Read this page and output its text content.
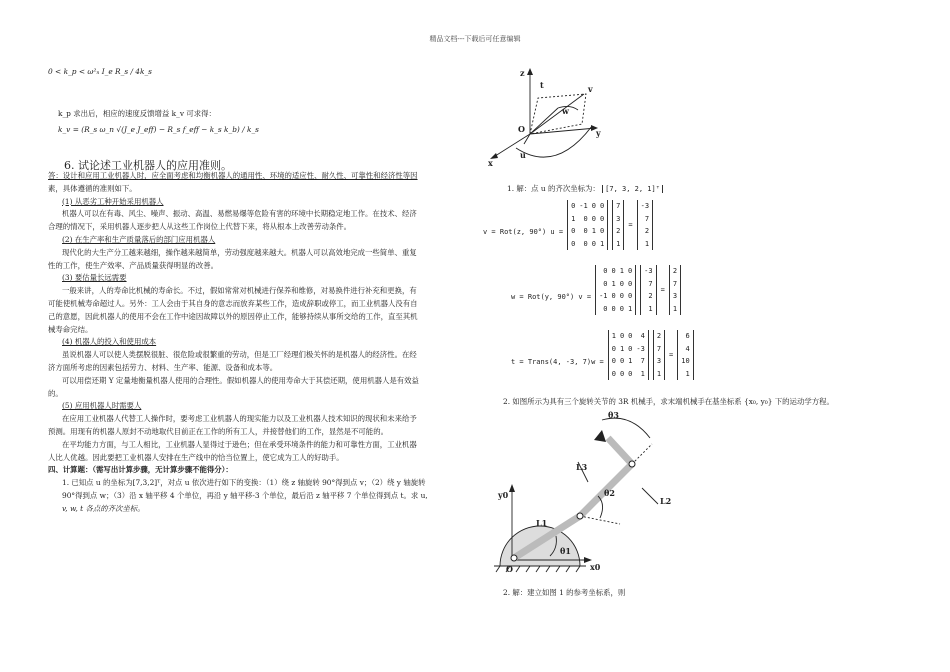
精品文档---下载后可任意编辑
0 < k_p < ω²ₙ I_e R_s / 4k_s
k_p 求出后，相应的速度反馈增益 k_v 可求得：
k_v = (R_s ω_n √(J_e J_eff) − R_s f_eff − k_s k_b) / k_s
6. 试论述工业机器人的应用准则。
答：设计和应用工业机器人时，应全面考虑和均衡机器人的通用性、环境的适应性、耐久性、可靠性和经济性等因
素，具体遵循的准则如下。
(1) 从恶劣工种开始采用机器人
机器人可以在有毒、风尘、噪声、振动、高温、易燃易爆等危险有害的环境中长期稳定地工作。在技术、经济
合理的情况下，采用机器人逐步把人从这些工作岗位上代替下来，将从根本上改善劳动条件。
(2) 在生产率和生产质量落后的部门应用机器人
现代化的大生产分工越来越细，操作越来越简单，劳动强度越来越大。机器人可以高效地完成一些简单、重复
性的工作，使生产效率、产品质量获得明显的改善。
(3) 要估量长远需要
一般来讲，人的寿命比机械的寿命长。不过，假如常常对机械进行保养和维修，对易换件进行补充和更换，有
可能使机械寿命超过人。另外：工人会由于其自身的意志而放弃某些工作，造成辞职或停工，而工业机器人没有自
己的意愿，因此机器人的使用不会在工作中途因故障以外的原因停止工作，能够持续从事所交给的工作，直至其机
械寿命完结。
(4) 机器人的投入和使用成本
虽说机器人可以使人类摆脱很脏、很危险或很繁重的劳动，但是工厂经理们极关怀的是机器人的经济性。在经
济方面所考虑的因素包括劳力、材料、生产率、能源、设备和成本等。
可以用偿还期 Y 定量地衡量机器人使用的合理性。假如机器人的使用寿命大于其偿还期，使用机器人是有效益
的。
(5) 应用机器人时需要人
在应用工业机器人代替工人操作时，要考虑工业机器人的现实能力以及工业机器人技术知识的现状和未来给予
预测。用现有的机器人原封不动地取代目前正在工作的所有工人，并接替他们的工作，显然是不可能的。
在平均能力方面，与工人相比，工业机器人显得过于逊色；但在承受环境条件的能力和可靠性方面，工业机器
人比人优越。因此要把工业机器人安排在生产线中的恰当位置上，使它成为工人的好助手。
四、计算题：（需写出计算步骤，无计算步骤不能得分）：
1. 已知点 u 的坐标为[7,3,2]ᵀ，对点 u 依次进行如下的变换：（1）绕 z 轴旋转 90°得到点 v；（2）绕 y 轴旋转
90°得到点 w；（3）沿 x 轴平移 4 个单位，再沿 y 轴平移-3 个单位，最后沿 z 轴平移 7 个单位得到点 t。求 u,
v, w, t 各点的齐次坐标。
z
t
w
v
O
x
u
y
1. 解：点 u 的齐次坐标为： [7, 3, 2, 1]ᵀ
v = Rot(z, 90°) u =
0 -1 0 0
1	0 0 0
0	0 1 0
0	0 0 1
7
3
2
1
=
-3
7
2
1
w = Rot(y, 90°) v =
0 0 1 0
0 1 0 0
-1 0 0 0
0 0 0 1
-3
7
2
1
=
2
7
3
1
t = Trans(4, -3, 7)w =
1 0 0	4
0 1 0 -3
0 0 1	7
0 0 0	1
2
7
3
1
=
6
4
10
1
2. 如图所示为具有三个旋转关节的 3R 机械手，求末端机械手在基坐标系 {x₀, y₀} 下的运动学方程。
θ3
L3
θ2
L2
y0
L1
θ1
x0
O
2. 解：建立如图 1 的参考坐标系，则
